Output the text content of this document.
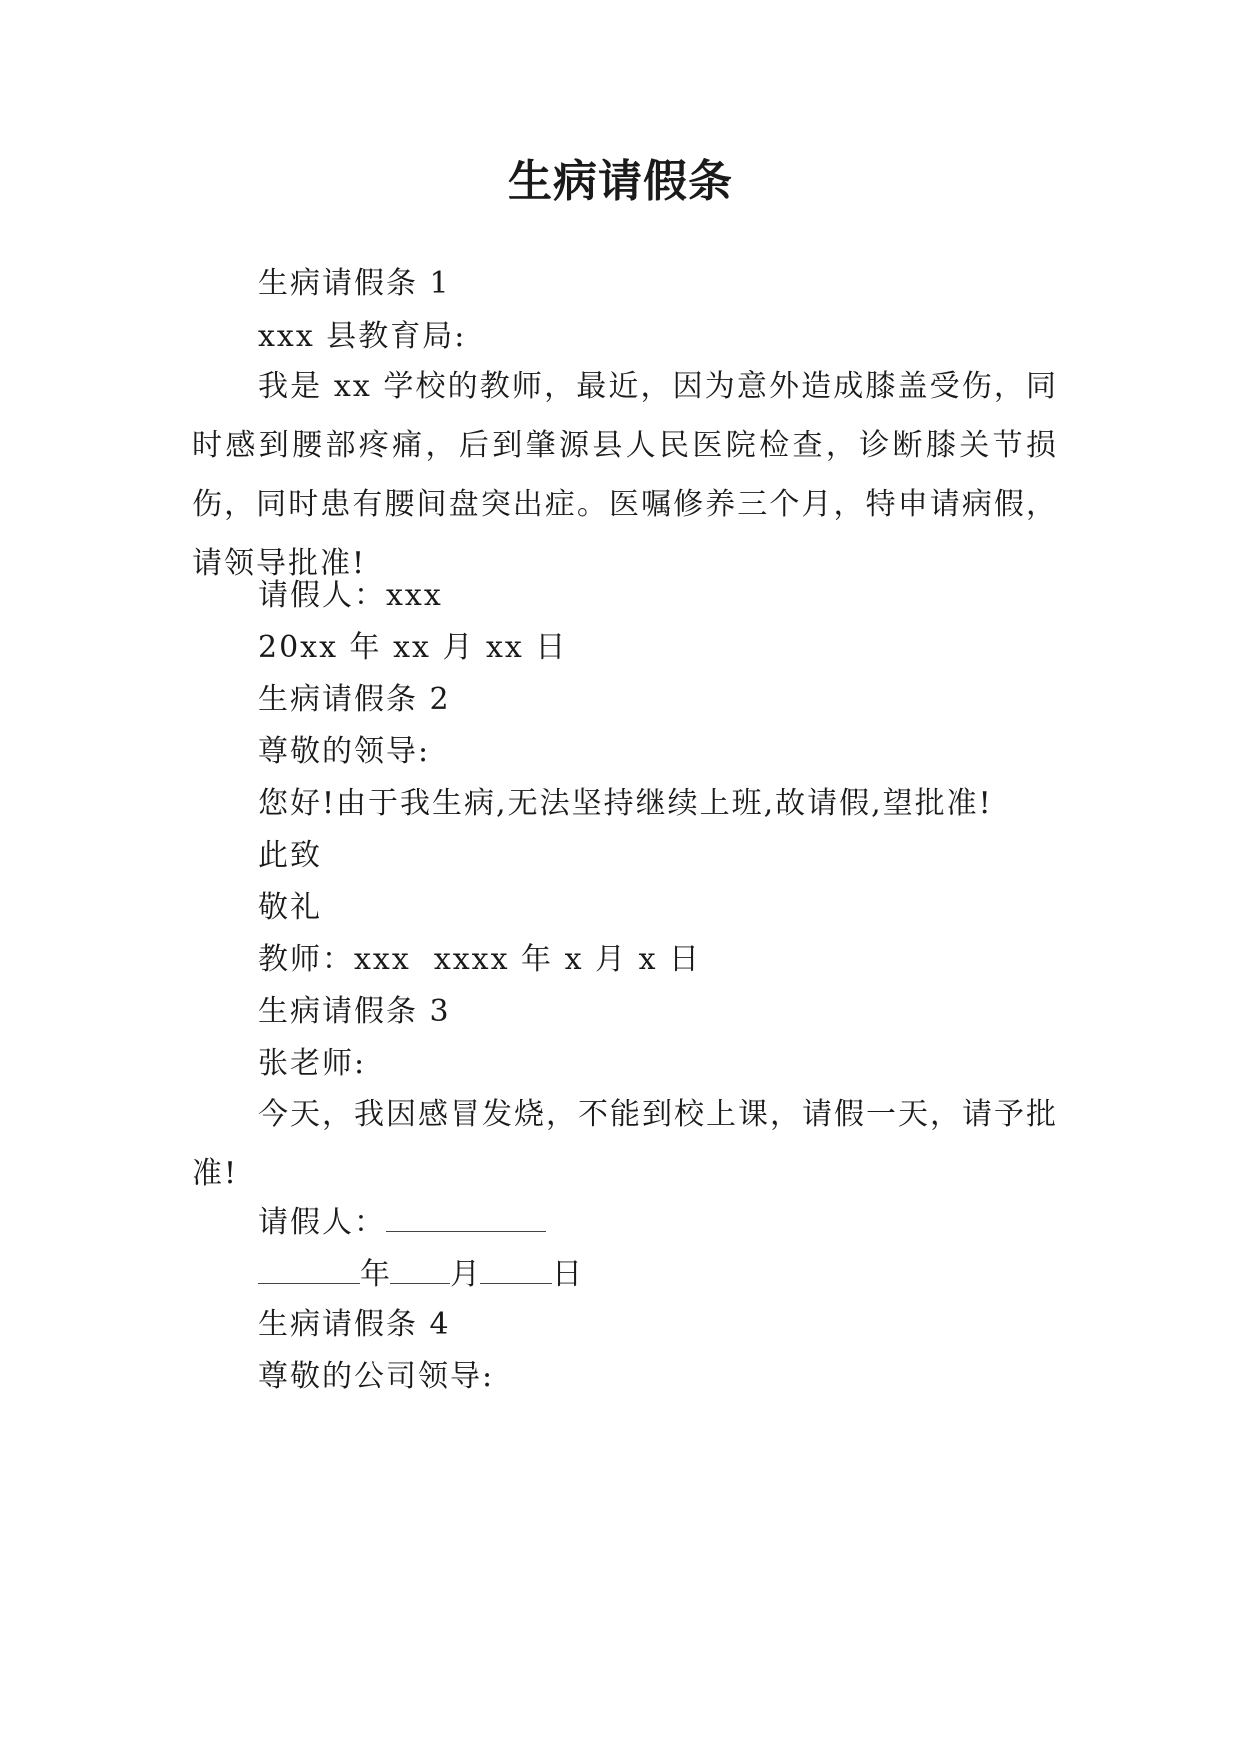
生病请假条
生病请假条 1
xxx 县教育局:
我是 xx 学校的教师，最近，因为意外造成膝盖受伤，同时感到腰部疼痛，后到肇源县人民医院检查，诊断膝关节损伤，同时患有腰间盘突出症。医嘱修养三个月，特申请病假，请领导批准!
请假人：xxx
20xx 年 xx 月 xx 日
生病请假条 2
尊敬的领导:
您好!由于我生病,无法坚持继续上班,故请假,望批准!
此致
敬礼
教师：xxx  xxxx 年 x 月 x 日
生病请假条 3
张老师:
今天，我因感冒发烧，不能到校上课，请假一天，请予批准!
请假人：
年 月 日
生病请假条 4
尊敬的公司领导:
